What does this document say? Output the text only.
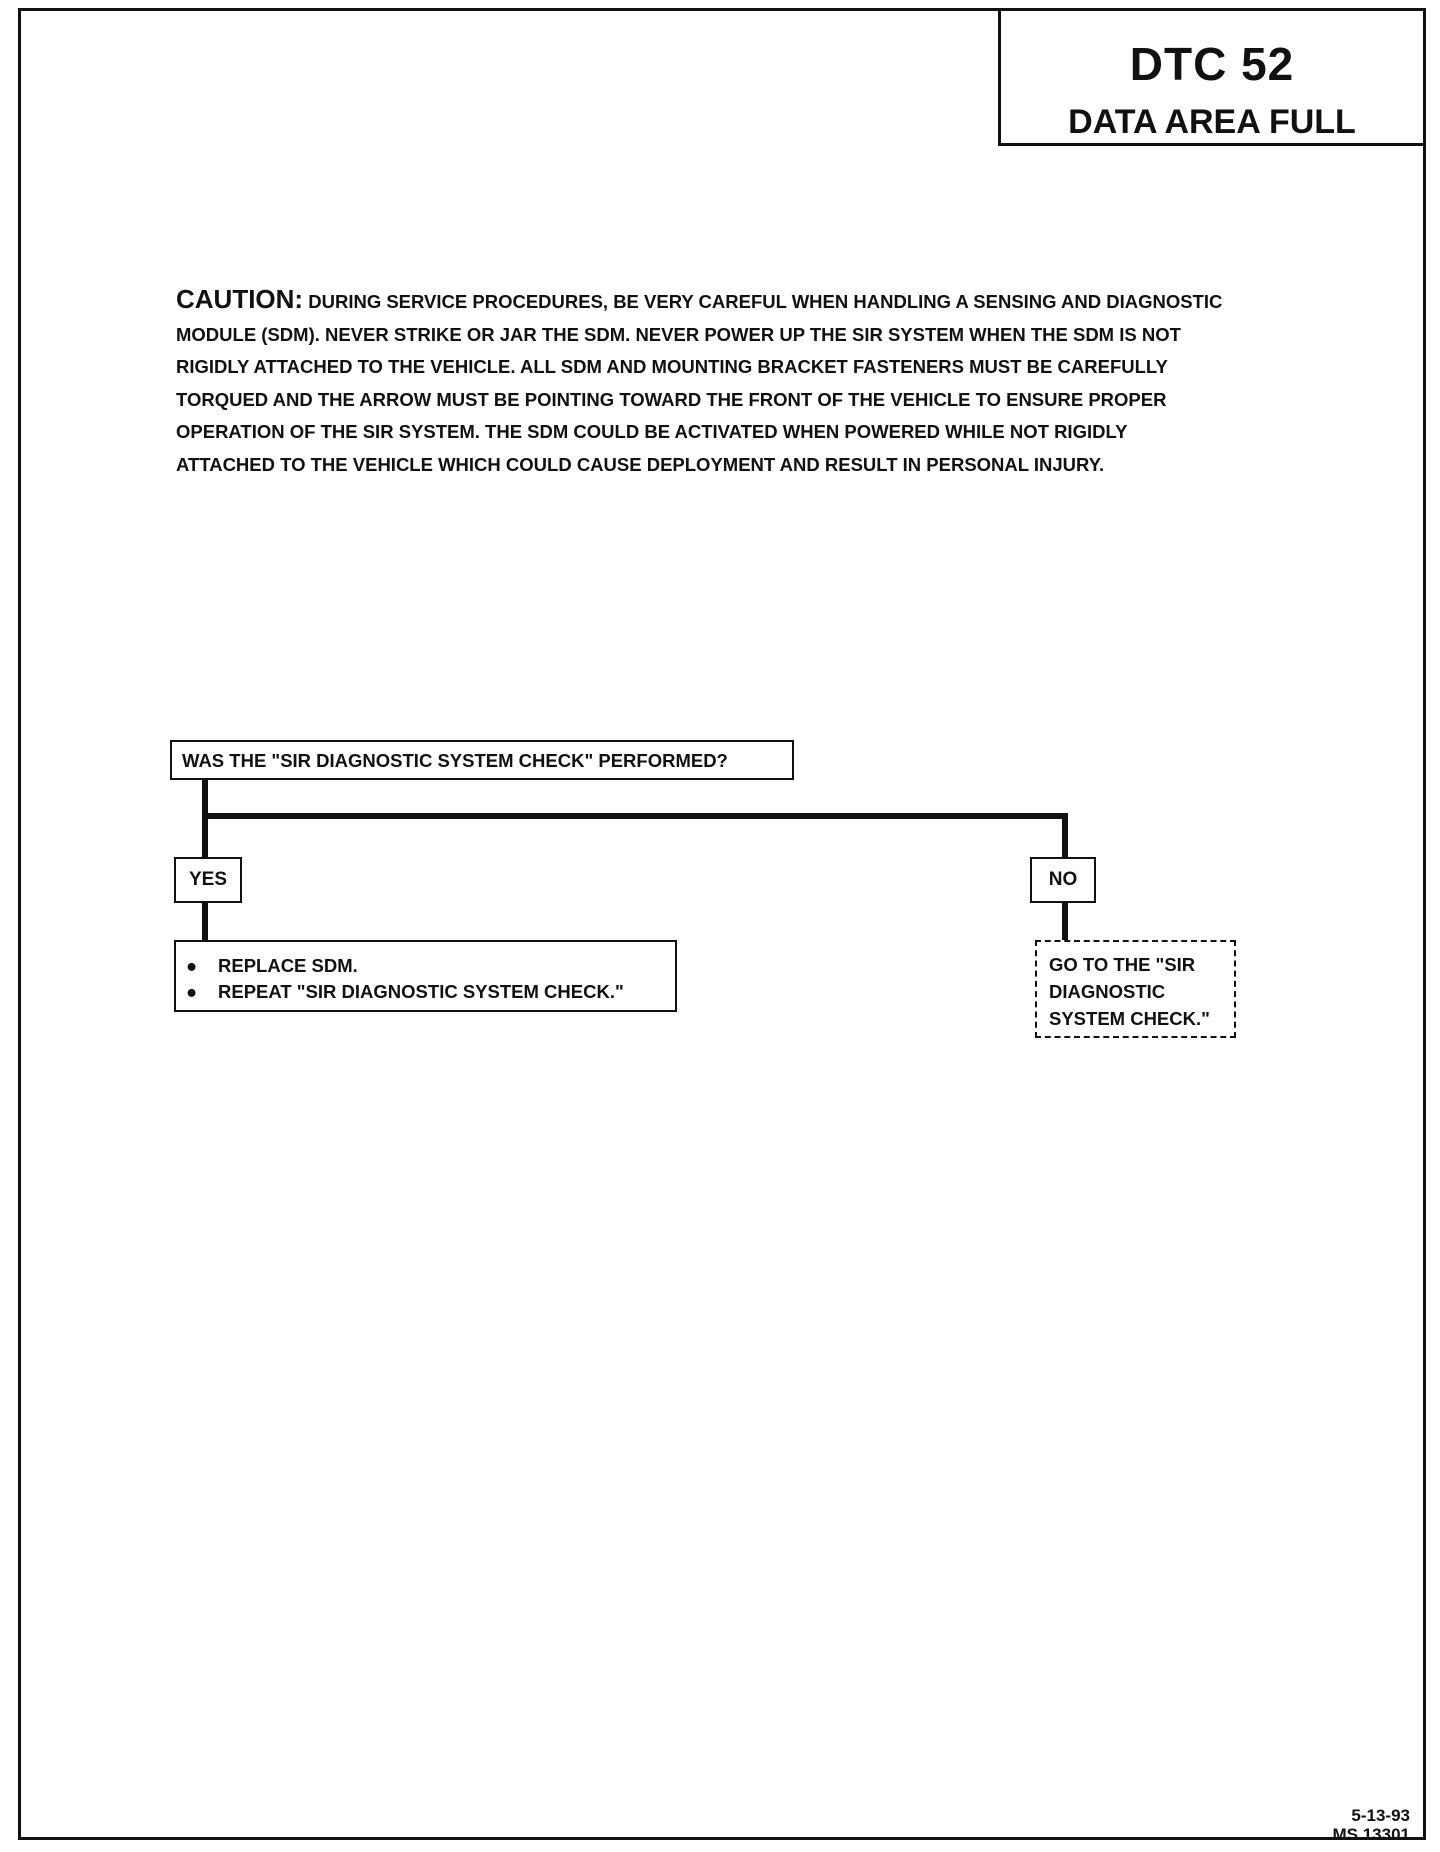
DTC 52
DATA AREA FULL
CAUTION: DURING SERVICE PROCEDURES, BE VERY CAREFUL WHEN HANDLING A SENSING AND DIAGNOSTIC
MODULE (SDM). NEVER STRIKE OR JAR THE SDM. NEVER POWER UP THE SIR SYSTEM WHEN THE SDM IS NOT
RIGIDLY ATTACHED TO THE VEHICLE. ALL SDM AND MOUNTING BRACKET FASTENERS MUST BE CAREFULLY
TORQUED AND THE ARROW MUST BE POINTING TOWARD THE FRONT OF THE VEHICLE TO ENSURE PROPER
OPERATION OF THE SIR SYSTEM. THE SDM COULD BE ACTIVATED WHEN POWERED WHILE NOT RIGIDLY
ATTACHED TO THE VEHICLE WHICH COULD CAUSE DEPLOYMENT AND RESULT IN PERSONAL INJURY.
WAS THE "SIR DIAGNOSTIC SYSTEM CHECK" PERFORMED?
YES	NO
● REPLACE SDM.
● REPEAT "SIR DIAGNOSTIC SYSTEM CHECK."
GO TO THE "SIR
DIAGNOSTIC
SYSTEM CHECK."
5-13-93
MS 13301
